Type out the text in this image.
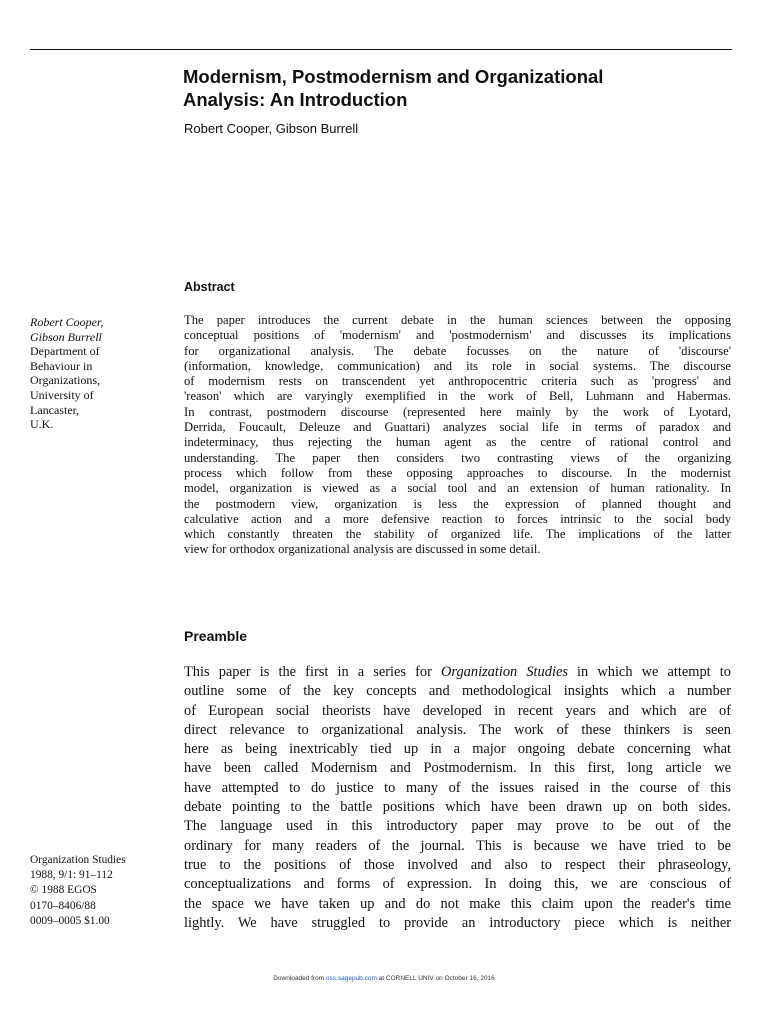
Modernism, Postmodernism and Organizational
Analysis: An Introduction

Robert Cooper, Gibson Burrell

Abstract
Robert Cooper,
Gibson Burrell
Department of
Behaviour in
Organizations,
University of
Lancaster,
U.K.
The paper introduces the current debate in the human sciences between the opposing
conceptual positions of 'modernism' and 'postmodernism' and discusses its implications
for organizational analysis. The debate focusses on the nature of 'discourse'
(information, knowledge, communication) and its role in social systems. The discourse
of modernism rests on transcendent yet anthropocentric criteria such as 'progress' and
'reason' which are varyingly exemplified in the work of Bell, Luhmann and Habermas.
In contrast, postmodern discourse (represented here mainly by the work of Lyotard,
Derrida, Foucault, Deleuze and Guattari) analyzes social life in terms of paradox and
indeterminacy, thus rejecting the human agent as the centre of rational control and
understanding. The paper then considers two contrasting views of the organizing
process which follow from these opposing approaches to discourse. In the modernist
model, organization is viewed as a social tool and an extension of human rationality. In
the postmodern view, organization is less the expression of planned thought and
calculative action and a more defensive reaction to forces intrinsic to the social body
which constantly threaten the stability of organized life. The implications of the latter
view for orthodox organizational analysis are discussed in some detail.
Preamble
This paper is the first in a series for Organization Studies in which we attempt to
outline some of the key concepts and methodological insights which a number
of European social theorists have developed in recent years and which are of
direct relevance to organizational analysis. The work of these thinkers is seen
here as being inextricably tied up in a major ongoing debate concerning what
have been called Modernism and Postmodernism. In this first, long article we
have attempted to do justice to many of the issues raised in the course of this
debate pointing to the battle positions which have been drawn up on both sides.
The language used in this introductory paper may prove to be out of the
ordinary for many readers of the journal. This is because we have tried to be
true to the positions of those involved and also to respect their phraseology,
conceptualizations and forms of expression. In doing this, we are conscious of
the space we have taken up and do not make this claim upon the reader's time
lightly. We have struggled to provide an introductory piece which is neither
Organization Studies
1988, 9/1: 91–112
© 1988 EGOS
0170–8406/88
0009–0005 $1.00
Downloaded from oss.sagepub.com at CORNELL UNIV on October 16, 2016
